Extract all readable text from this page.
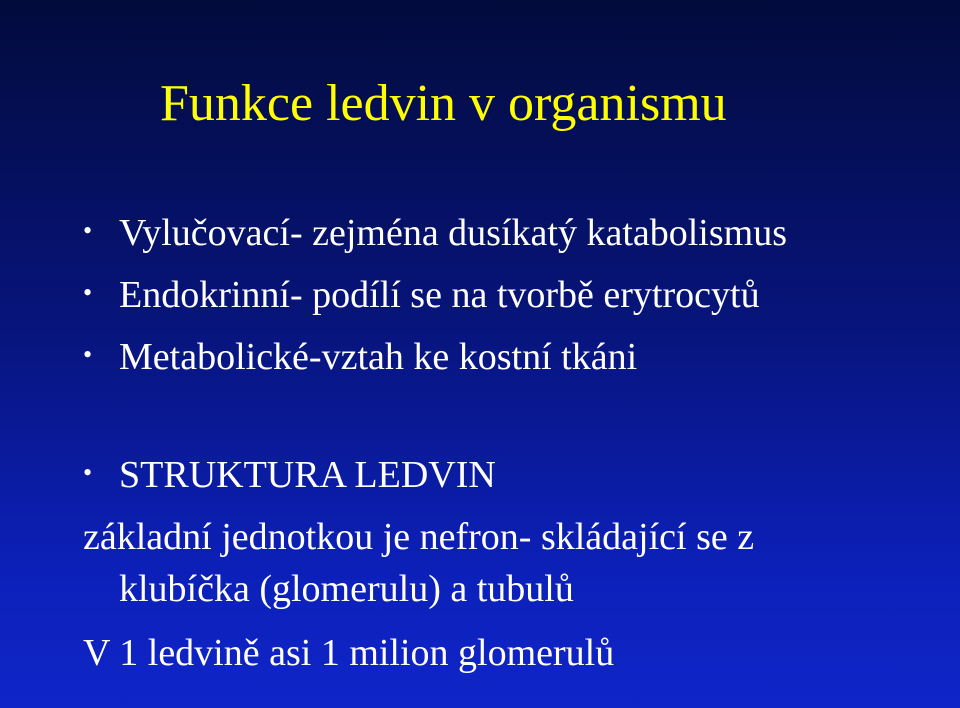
Funkce ledvin v organismu
• Vylučovací- zejména dusíkatý katabolismus
• Endokrinní- podílí se na tvorbě erytrocytů
• Metabolické-vztah ke kostní tkáni
• STRUKTURA LEDVIN
základní jednotkou je nefron- skládající se z
klubíčka (glomerulu) a tubulů
V 1 ledvině asi 1 milion glomerulů
